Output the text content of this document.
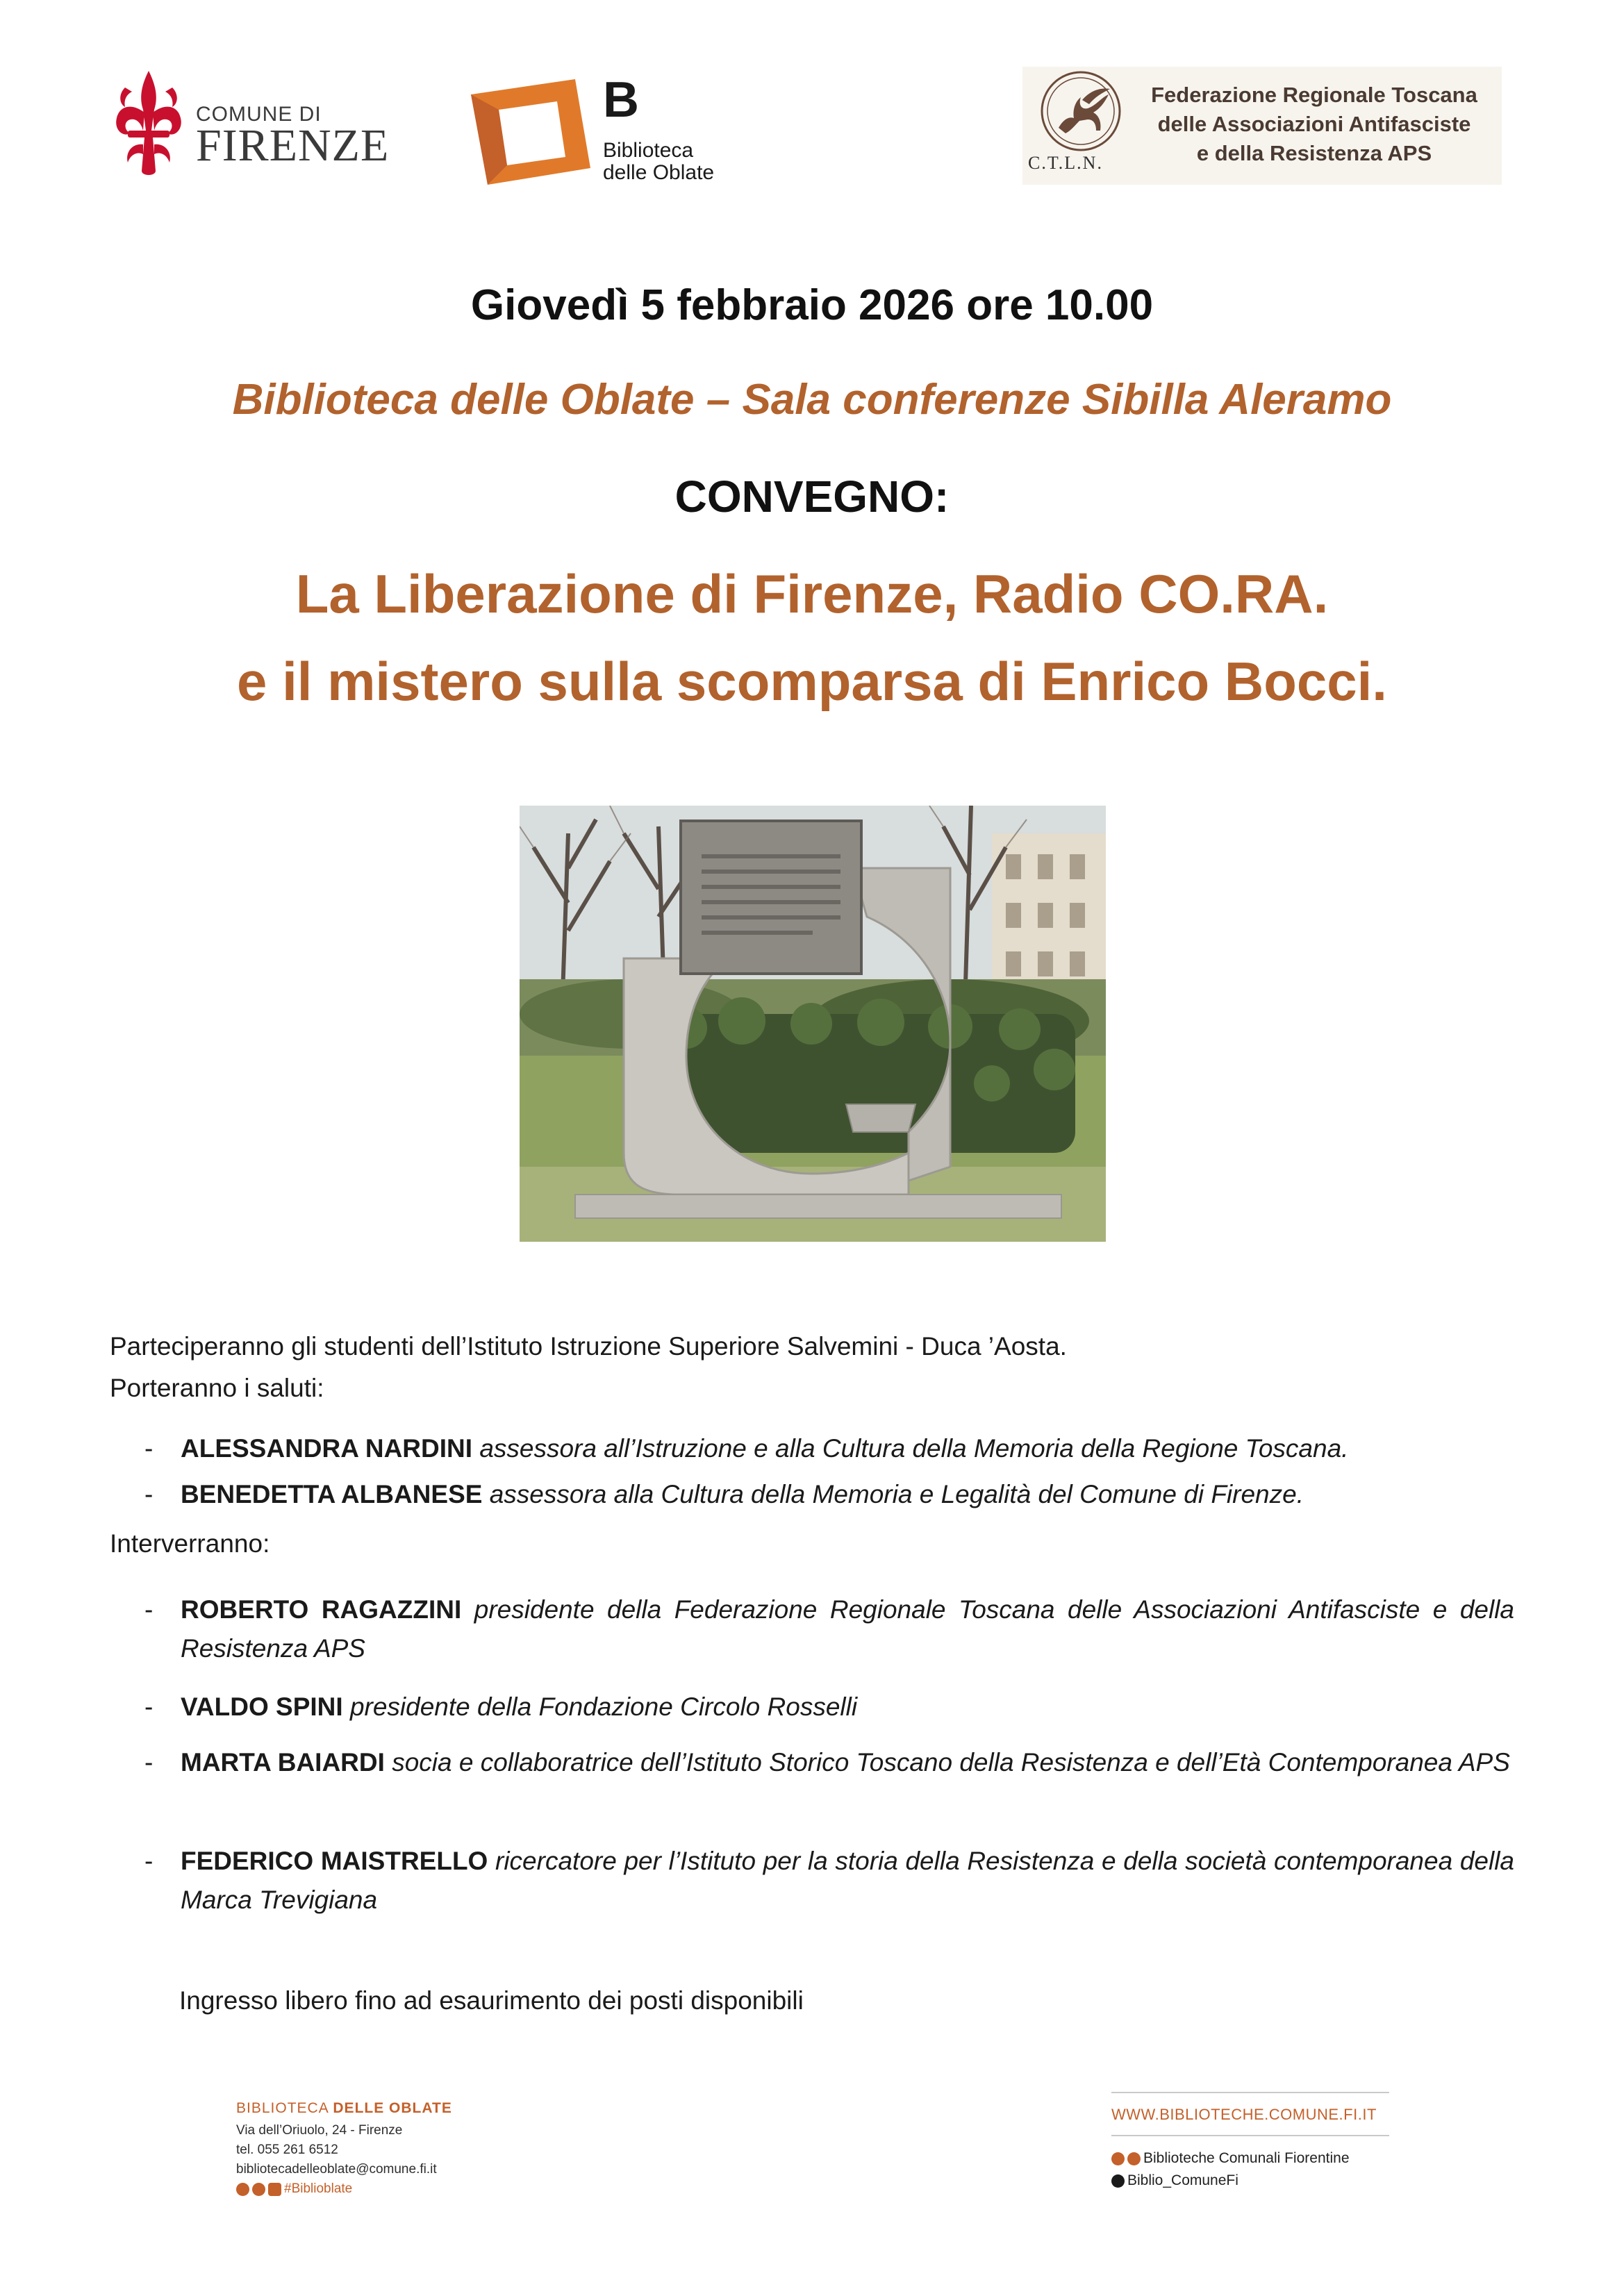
COMUNE DI
FIRENZE
B
Biblioteca
delle Oblate	C.T.L.N.
Federazione Regionale Toscana
delle Associazioni Antifasciste
e della Resistenza APS
Giovedì 5 febbraio 2026 ore 10.00
Biblioteca delle Oblate – Sala conferenze Sibilla Aleramo
CONVEGNO:
La Liberazione di Firenze, Radio CO.RA.
e il mistero sulla scomparsa di Enrico Bocci.
Parteciperanno gli studenti dell’Istituto Istruzione Superiore Salvemini - Duca ’Aosta.
Porteranno i saluti:
-	ALESSANDRA NARDINI assessora all’Istruzione e alla Cultura della Memoria della Regione Toscana.
-	BENEDETTA ALBANESE assessora alla Cultura della Memoria e Legalità del Comune di Firenze.
Interverranno:
-	ROBERTO RAGAZZINI presidente della Federazione Regionale Toscana delle Associazioni Antifasciste e della Resistenza APS
-	VALDO SPINI presidente della Fondazione Circolo Rosselli
-	MARTA BAIARDI socia e collaboratrice dell’Istituto Storico Toscano della Resistenza e dell’Età Contemporanea APS
-	FEDERICO MAISTRELLO ricercatore per l’Istituto per la storia della Resistenza e della società contemporanea della Marca Trevigiana
Ingresso libero fino ad esaurimento dei posti disponibili
BIBLIOTECA DELLE OBLATE
Via dell’Oriuolo, 24 - Firenze
tel. 055 261 6512
bibliotecadelleoblate@comune.fi.it
#Biblioblate
WWW.BIBLIOTECHE.COMUNE.FI.IT
Biblioteche Comunali Fiorentine
Biblio_ComuneFi
